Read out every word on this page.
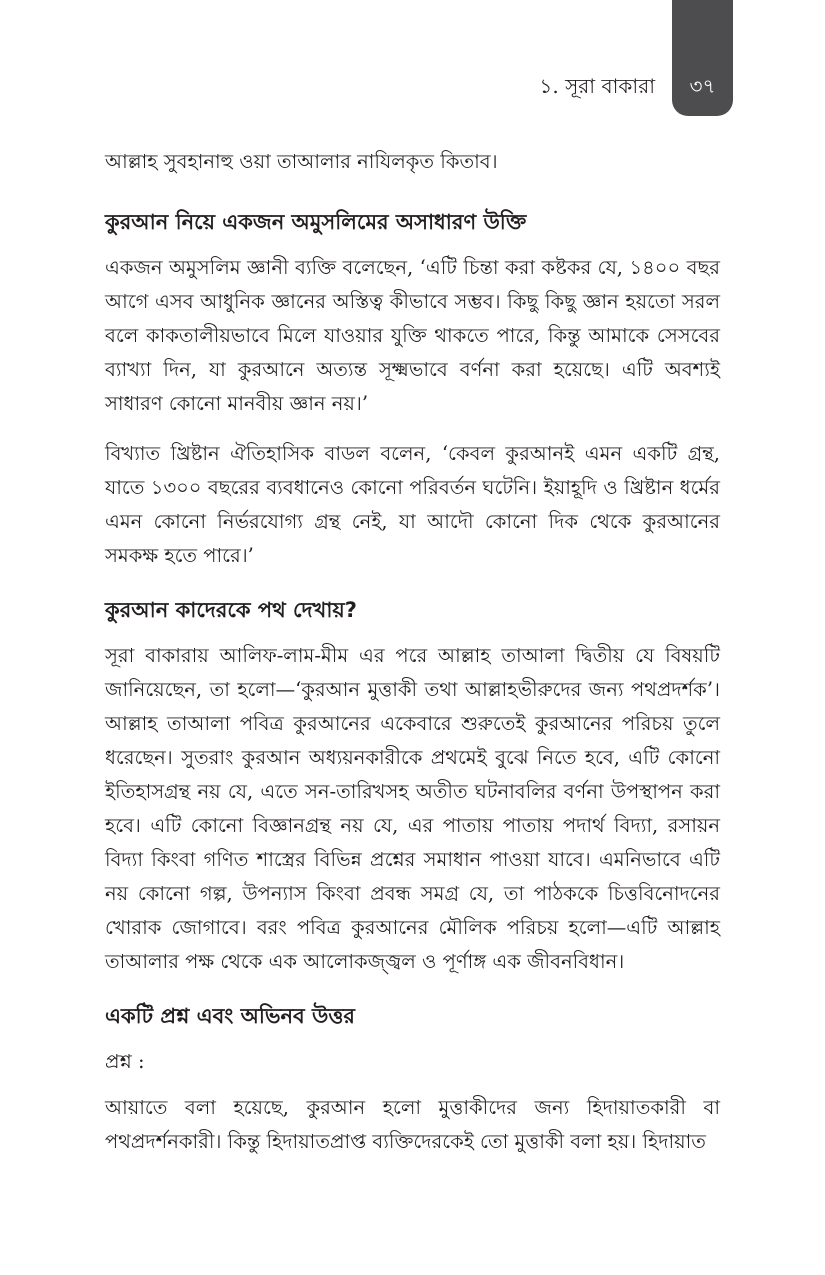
১. সূরা বাকারা	৩৭

আল্লাহ সুবহানাহু ওয়া তাআলার নাযিলকৃত কিতাব।

কুরআন নিয়ে একজন অমুসলিমের অসাধারণ উক্তি

একজন অমুসলিম জ্ঞানী ব্যক্তি বলেছেন, ‘এটি চিন্তা করা কষ্টকর যে, ১৪০০ বছর আগে এসব আধুনিক জ্ঞানের অস্তিত্ব কীভাবে সম্ভব। কিছু কিছু জ্ঞান হয়তো সরল বলে কাকতালীয়ভাবে মিলে যাওয়ার যুক্তি থাকতে পারে, কিন্তু আমাকে সেসবের ব্যাখ্যা দিন, যা কুরআনে অত্যন্ত সূক্ষ্মভাবে বর্ণনা করা হয়েছে। এটি অবশ্যই সাধারণ কোনো মানবীয় জ্ঞান নয়।’

বিখ্যাত খ্রিষ্টান ঐতিহাসিক বাডল বলেন, ‘কেবল কুরআনই এমন একটি গ্রন্থ, যাতে ১৩০০ বছরের ব্যবধানেও কোনো পরিবর্তন ঘটেনি। ইয়াহূদি ও খ্রিষ্টান ধর্মের এমন কোনো নির্ভরযোগ্য গ্রন্থ নেই, যা আদৌ কোনো দিক থেকে কুরআনের সমকক্ষ হতে পারে।’

কুরআন কাদেরকে পথ দেখায়?

সূরা বাকারায় আলিফ-লাম-মীম এর পরে আল্লাহ তাআলা দ্বিতীয় যে বিষয়টি জানিয়েছেন, তা হলো—‘কুরআন মুত্তাকী তথা আল্লাহভীরুদের জন্য পথপ্রদর্শক’। আল্লাহ তাআলা পবিত্র কুরআনের একেবারে শুরুতেই কুরআনের পরিচয় তুলে ধরেছেন। সুতরাং কুরআন অধ্যয়নকারীকে প্রথমেই বুঝে নিতে হবে, এটি কোনো ইতিহাসগ্রন্থ নয় যে, এতে সন-তারিখসহ অতীত ঘটনাবলির বর্ণনা উপস্থাপন করা হবে। এটি কোনো বিজ্ঞানগ্রন্থ নয় যে, এর পাতায় পাতায় পদার্থ বিদ্যা, রসায়ন বিদ্যা কিংবা গণিত শাস্ত্রের বিভিন্ন প্রশ্নের সমাধান পাওয়া যাবে। এমনিভাবে এটি নয় কোনো গল্প, উপন্যাস কিংবা প্রবন্ধ সমগ্র যে, তা পাঠককে চিত্তবিনোদনের খোরাক জোগাবে। বরং পবিত্র কুরআনের মৌলিক পরিচয় হলো—এটি আল্লাহ তাআলার পক্ষ থেকে এক আলোকজ্জ্বল ও পূর্ণাঙ্গ এক জীবনবিধান।

একটি প্রশ্ন এবং অভিনব উত্তর

প্রশ্ন :

আয়াতে বলা হয়েছে, কুরআন হলো মুত্তাকীদের জন্য হিদায়াতকারী বা পথপ্রদর্শনকারী। কিন্তু হিদায়াতপ্রাপ্ত ব্যক্তিদেরকেই তো মুত্তাকী বলা হয়। হিদায়াত
